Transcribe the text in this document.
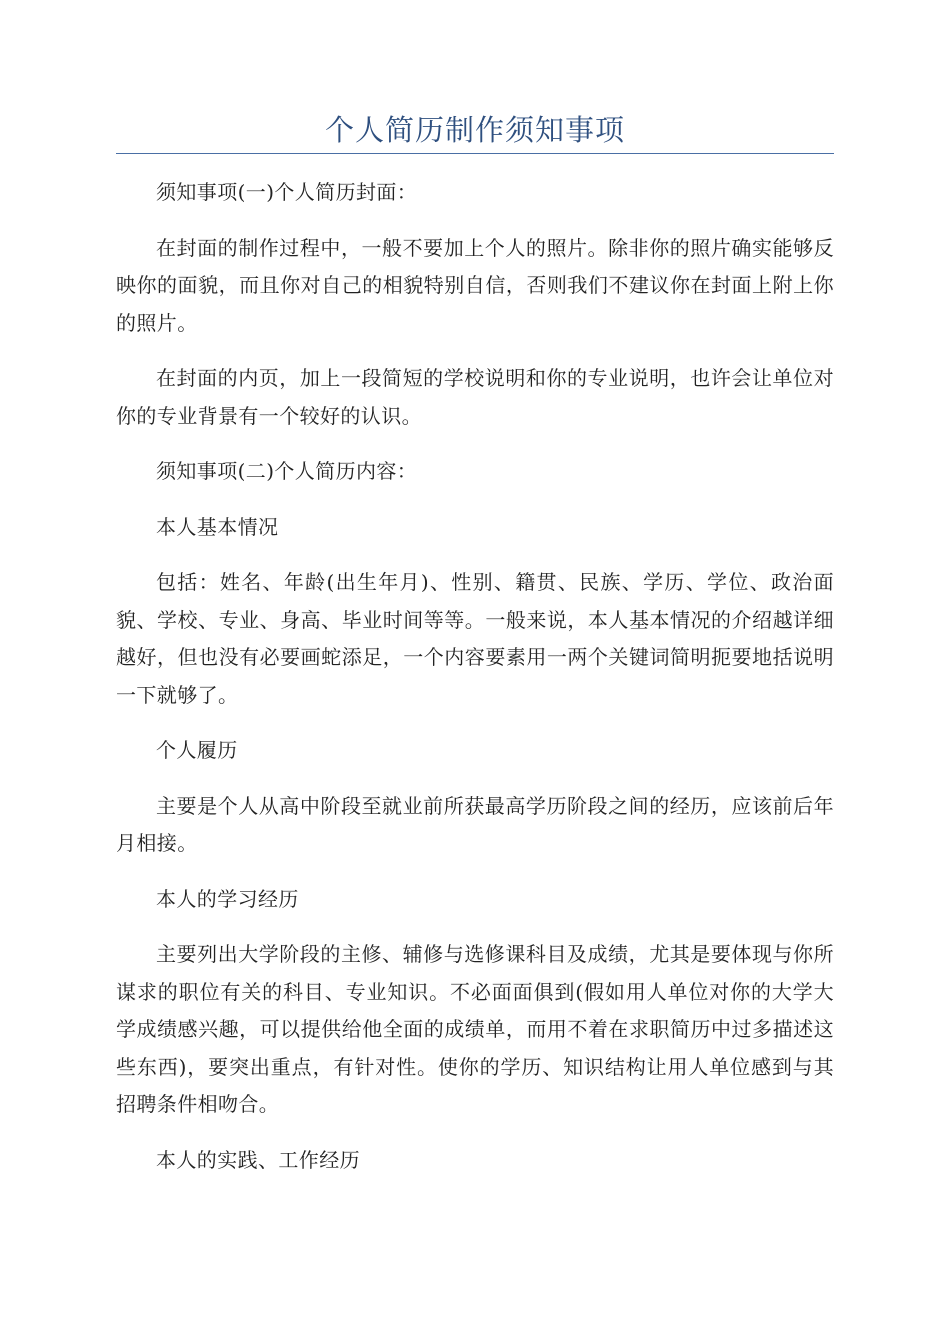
个人简历制作须知事项

须知事项(一)个人简历封面：

在封面的制作过程中，一般不要加上个人的照片。除非你的照片确实能够反映你的面貌，而且你对自己的相貌特别自信，否则我们不建议你在封面上附上你的照片。

在封面的内页，加上一段简短的学校说明和你的专业说明，也许会让单位对你的专业背景有一个较好的认识。

须知事项(二)个人简历内容：

本人基本情况

包括：姓名、年龄(出生年月)、性别、籍贯、民族、学历、学位、政治面貌、学校、专业、身高、毕业时间等等。一般来说，本人基本情况的介绍越详细越好，但也没有必要画蛇添足，一个内容要素用一两个关键词简明扼要地括说明一下就够了。

个人履历

主要是个人从高中阶段至就业前所获最高学历阶段之间的经历，应该前后年月相接。

本人的学习经历

主要列出大学阶段的主修、辅修与选修课科目及成绩，尤其是要体现与你所谋求的职位有关的科目、专业知识。不必面面俱到(假如用人单位对你的大学大学成绩感兴趣，可以提供给他全面的成绩单，而用不着在求职简历中过多描述这些东西)，要突出重点，有针对性。使你的学历、知识结构让用人单位感到与其招聘条件相吻合。

本人的实践、工作经历
